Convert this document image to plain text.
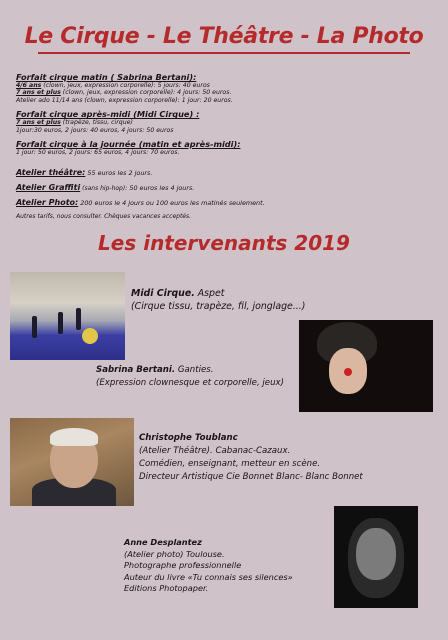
Le Cirque - Le Théâtre - La Photo
Forfait cirque matin ( Sabrina Bertani):
4/6 ans (clown, jeux, expression corporelle): 5 jours: 40 euros
7 ans et plus (clown, jeux, expression corporelle): 4 jours: 50 euros.
Atelier ado 11/14 ans (clown, expression corporelle): 1 jour: 20 euros.
Forfait cirque après-midi (Midi Cirque) :
7 ans et plus (trapèze, tissu, cirque)
1jour:30 euros, 2 jours: 40 euros, 4 jours: 50 euros
Forfait cirque à la journée (matin et après-midi):
1 jour: 50 euros, 2 jours: 65 euros, 4 jours: 70 euros.
Atelier théâtre: 55 euros les 2 jours.
Atelier Graffiti (sans hip-hop): 50 euros les 4 jours.
Atelier Photo: 200 euros le 4 jours ou 100 euros les matinés seulement.
Autres tarifs, nous consulter. Chèques vacances acceptés.
Les intervenants 2019
Midi Cirque. Aspet
(Cirque tissu, trapèze, fil, jonglage...)
Sabrina Bertani. Ganties.
(Expression clownesque et corporelle, jeux)
Christophe Toublanc
(Atelier Théâtre). Cabanac-Cazaux.
Comédien, enseignant, metteur en scène.
Directeur Artistique Cie Bonnet Blanc- Blanc Bonnet
Anne Desplantez
(Atelier photo) Toulouse.
Photographe professionnelle
Auteur du livre «Tu connais ses silences»
Editions Photopaper.
